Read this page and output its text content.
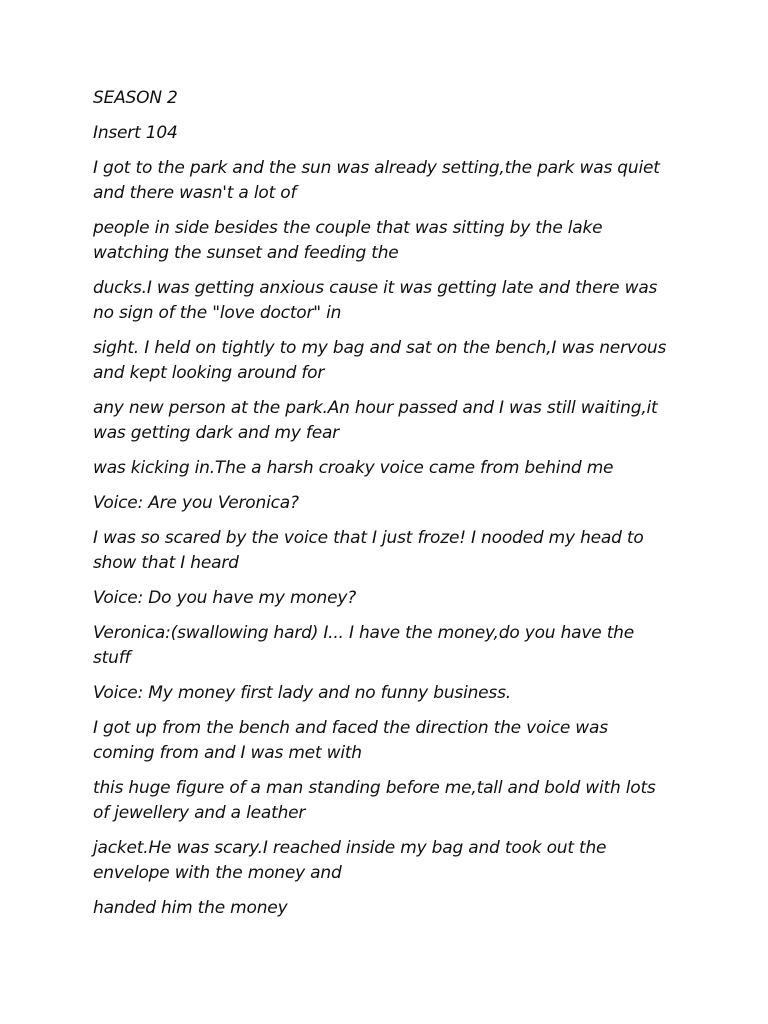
SEASON 2

Insert 104

I got to the park and the sun was already setting,the park was quiet and there wasn't a lot of

people in side besides the couple that was sitting by the lake watching the sunset and feeding the

ducks.I was getting anxious cause it was getting late and there was no sign of the "love doctor" in

sight. I held on tightly to my bag and sat on the bench,I was nervous and kept looking around for

any new person at the park.An hour passed and I was still waiting,it was getting dark and my fear

was kicking in.The a harsh croaky voice came from behind me

Voice: Are you Veronica?

I was so scared by the voice that I just froze! I nooded my head to show that I heard

Voice: Do you have my money?

Veronica:(swallowing hard) I... I have the money,do you have the stuff

Voice: My money first lady and no funny business.

I got up from the bench and faced the direction the voice was coming from and I was met with

this huge figure of a man standing before me,tall and bold with lots of jewellery and a leather

jacket.He was scary.I reached inside my bag and took out the envelope with the money and

handed him the money
